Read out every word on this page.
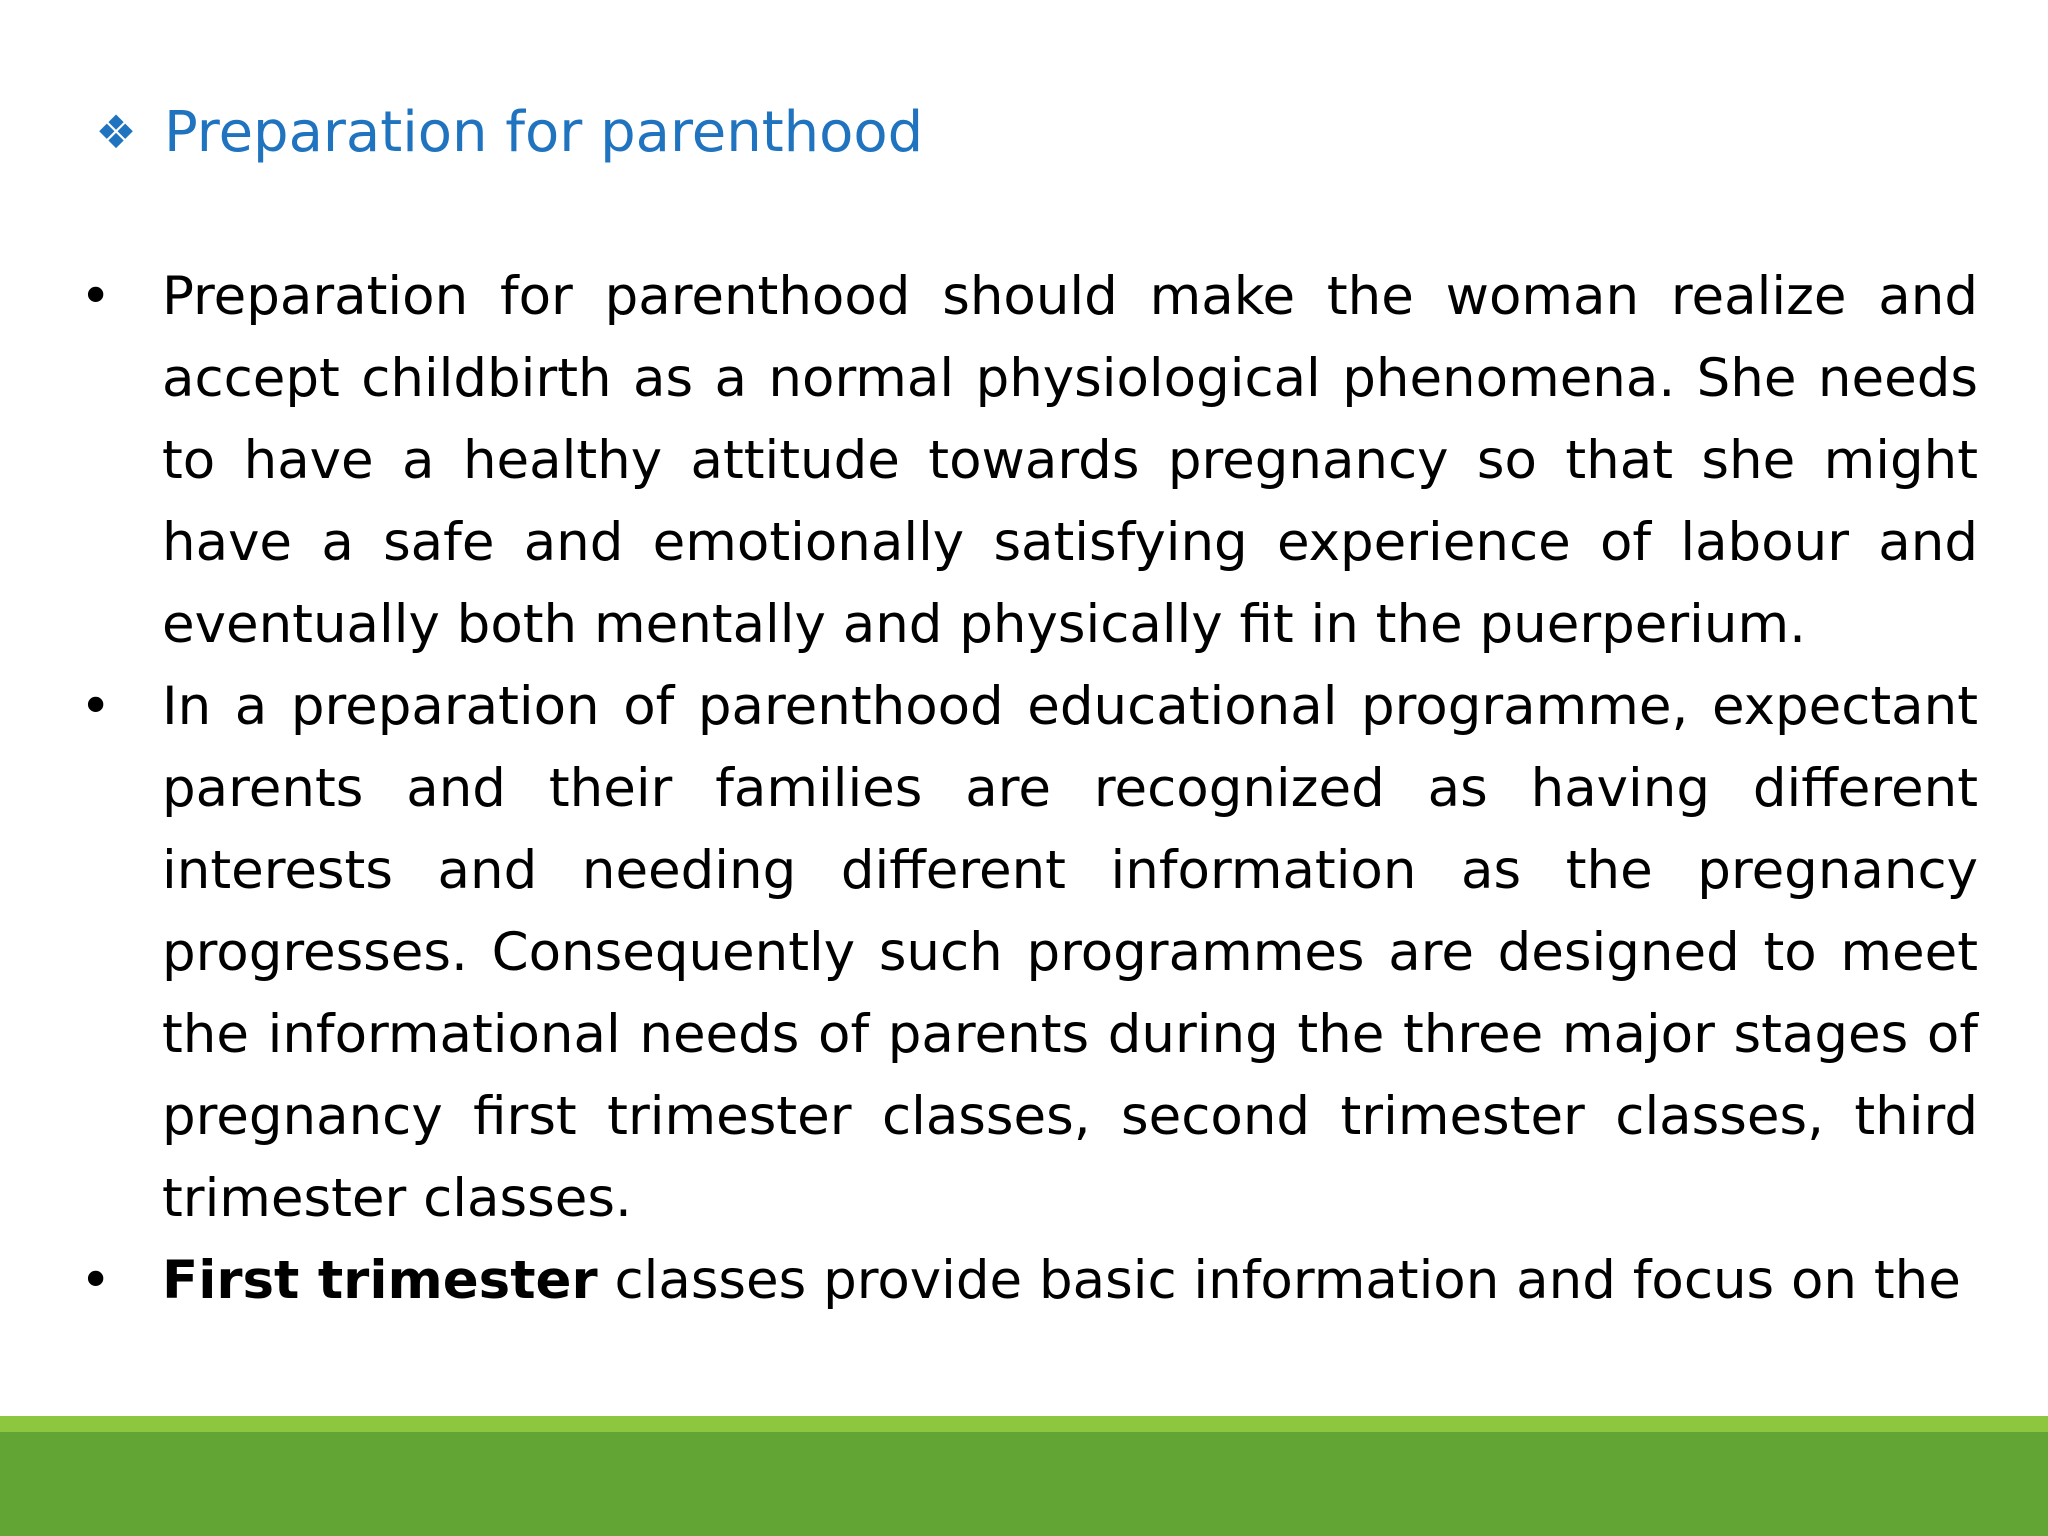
❖ Preparation for parenthood
• Preparation for parenthood should make the woman realize and accept childbirth as a normal physiological phenomena. She needs to have a healthy attitude towards pregnancy so that she might have a safe and emotionally satisfying experience of labour and eventually both mentally and physically fit in the puerperium.
• In a preparation of parenthood educational programme, expectant parents and their families are recognized as having different interests and needing different information as the pregnancy progresses. Consequently such programmes are designed to meet the informational needs of parents during the three major stages of pregnancy first trimester classes, second trimester classes, third trimester classes.
• First trimester classes provide basic information and focus on the
